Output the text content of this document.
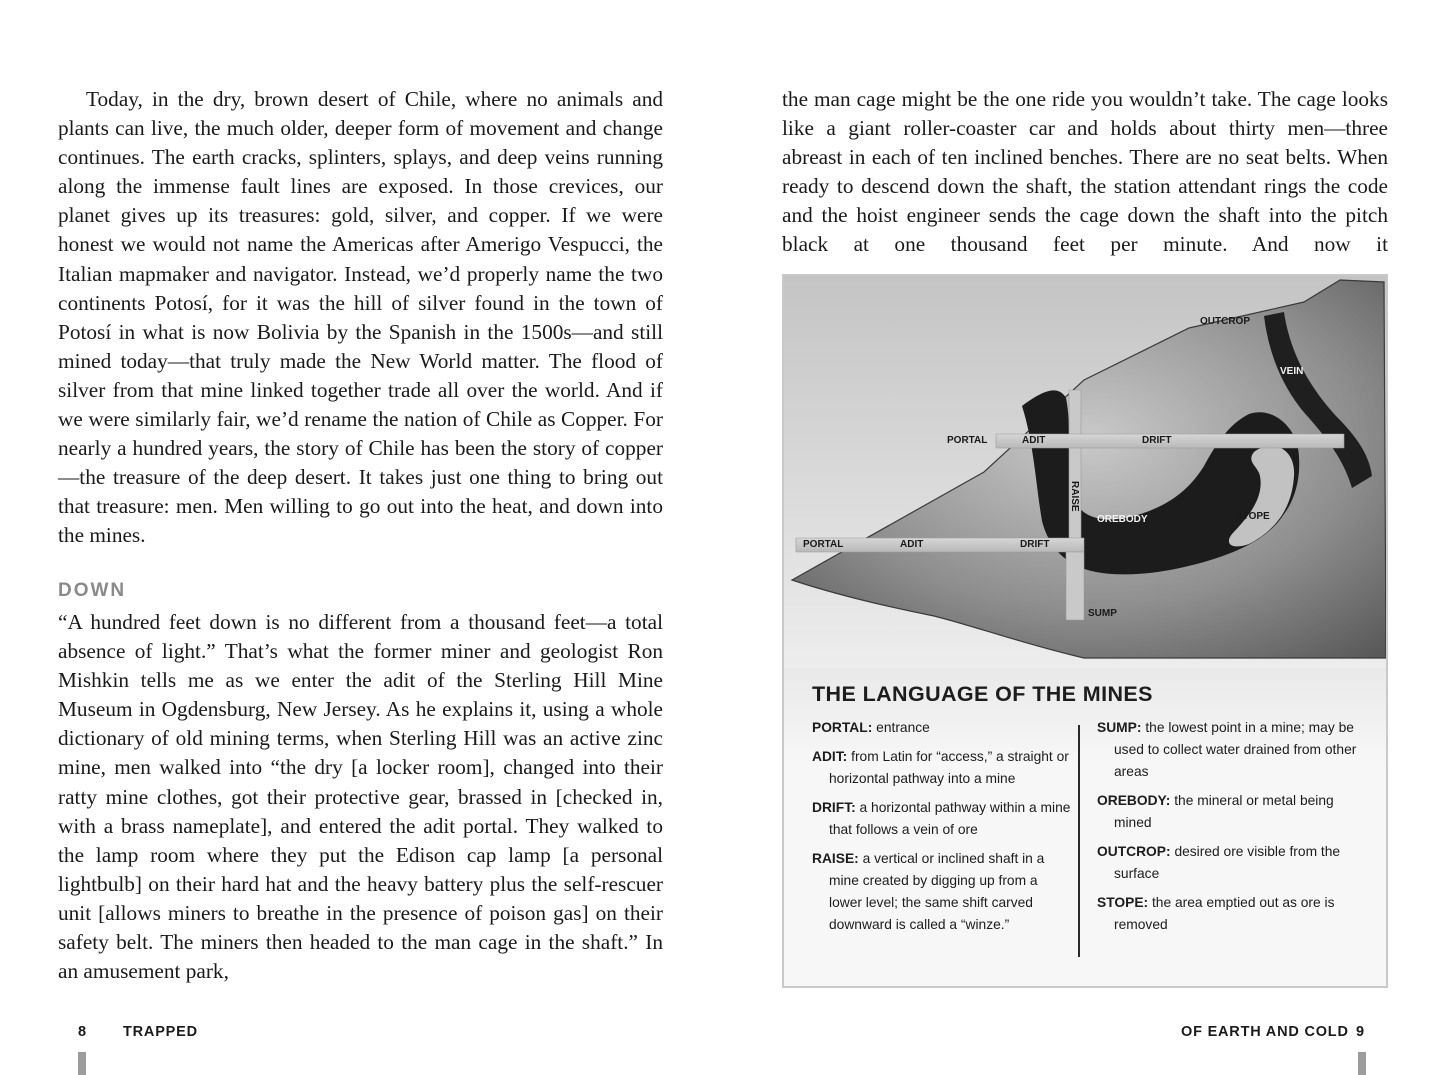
Today, in the dry, brown desert of Chile, where no animals and plants can live, the much older, deeper form of movement and change continues. The earth cracks, splinters, splays, and deep veins running along the immense fault lines are exposed. In those crevices, our planet gives up its treasures: gold, silver, and copper. If we were honest we would not name the Americas after Amerigo Vespucci, the Italian mapmaker and navigator. Instead, we’d properly name the two continents Potosí, for it was the hill of silver found in the town of Potosí in what is now Bolivia by the Spanish in the 1500s—and still mined today—that truly made the New World matter. The flood of silver from that mine linked together trade all over the world. And if we were similarly fair, we’d rename the nation of Chile as Copper. For nearly a hundred years, the story of Chile has been the story of copper—the treasure of the deep desert. It takes just one thing to bring out that treasure: men. Men willing to go out into the heat, and down into the mines.

DOWN

“A hundred feet down is no different from a thousand feet—a total absence of light.” That’s what the former miner and geologist Ron Mishkin tells me as we enter the adit of the Sterling Hill Mine Museum in Ogdensburg, New Jersey. As he explains it, using a whole dictionary of old mining terms, when Sterling Hill was an active zinc mine, men walked into “the dry [a locker room], changed into their ratty mine clothes, got their protective gear, brassed in [checked in, with a brass nameplate], and entered the adit portal. They walked to the lamp room where they put the Edison cap lamp [a personal lightbulb] on their hard hat and the heavy battery plus the self-rescuer unit [allows miners to breathe in the presence of poison gas] on their safety belt. The miners then headed to the man cage in the shaft.” In an amusement park,

8 TRAPPED

the man cage might be the one ride you wouldn’t take. The cage looks like a giant roller-coaster car and holds about thirty men—three abreast in each of ten inclined benches. There are no seat belts. When ready to descend down the shaft, the station attendant rings the code and the hoist engineer sends the cage down the shaft into the pitch black at one thousand feet per minute. And now it

OUTCROP
VEIN
PORTAL	ADIT	DRIFT
RAISE
OREBODY	STOPE
PORTAL	ADIT	DRIFT
SUMP
THE LANGUAGE OF THE MINES
PORTAL: entrance
ADIT: from Latin for “access,” a straight or horizontal pathway into a mine
DRIFT: a horizontal pathway within a mine that follows a vein of ore
RAISE: a vertical or inclined shaft in a mine created by digging up from a lower level; the same shift carved downward is called a “winze.”
SUMP: the lowest point in a mine; may be used to collect water drained from other areas
OREBODY: the mineral or metal being mined
OUTCROP: desired ore visible from the surface
STOPE: the area emptied out as ore is removed
OF EARTH AND COLD 9
